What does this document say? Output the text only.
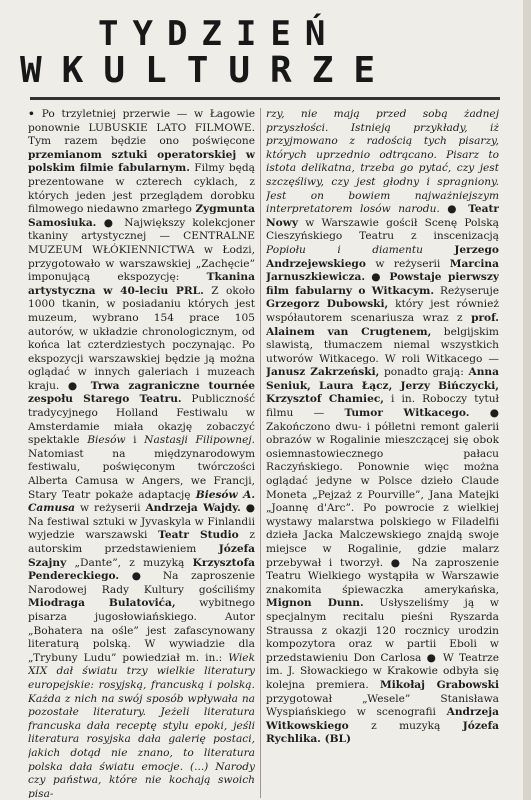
TYDZIEŃ
WKULTURZE

• Po trzyletniej przerwie — w Łagowie ponownie LUBUSKIE LATO FILMOWE. Tym razem będzie ono poświęcone przemianom sztuki operatorskiej w polskim filmie fabularnym. Filmy będą prezentowane w czterech cyklach, z których jeden jest przeglądem dorobku filmowego niedawno zmarłego Zygmunta Samosiuka. ● Największy kolekcjoner tkaniny artystycznej — CENTRALNE MUZEUM WŁÓKIENNICTWA w Łodzi, przygotowało w warszawskiej „Zachęcie” imponującą ekspozycję: Tkanina artystyczna w 40-leciu PRL. Z około 1000 tkanin, w posiadaniu których jest muzeum, wybrano 154 prace 105 autorów, w układzie chronologicznym, od końca lat czterdziestych poczynając. Po ekspozycji warszawskiej będzie ją można oglądać w innych galeriach i muzeach kraju. ● Trwa zagraniczne tournée zespołu Starego Teatru. Publiczność tradycyjnego Holland Festiwalu w Amsterdamie miała okazję zobaczyć spektakle Biesów i Nastasji Filipownej. Natomiast na międzynarodowym festiwalu, poświęconym twórczości Alberta Camusa w Angers, we Francji, Stary Teatr pokaże adaptację Biesów A. Camusa w reżyserii Andrzeja Wajdy. ● Na festiwal sztuki w Jyvaskyla w Finlandii wyjedzie warszawski Teatr Studio z autorskim przedstawieniem Józefa Szajny „Dante”, z muzyką Krzysztofa Pendereckiego. ● Na zaproszenie Narodowej Rady Kultury gościliśmy Miodraga Bulatovića, wybitnego pisarza jugosłowiańskiego. Autor „Bohatera na ośle” jest zafascynowany literaturą polską. W wywiadzie dla „Trybuny Ludu” powiedział m. in.: Wiek XIX dał światu trzy wielkie literatury europejskie: rosyjską, francuską i polską. Każda z nich na swój sposób wpływała na pozostałe literatury. Jeżeli literatura francuska dała receptę stylu epoki, jeśli literatura rosyjska dała galerię postaci, jakich dotąd nie znano, to literatura polska dała światu emocje. (...) Narody czy państwa, które nie kochają swoich pisa-

rzy, nie mają przed sobą żadnej przyszłości. Istnieją przykłady, iż przyjmowano z radością tych pisarzy, których uprzednio odtrącano. Pisarz to istota delikatna, trzeba go pytać, czy jest szczęśliwy, czy jest głodny i spragniony. Jest on bowiem najważniejszym interpretatorem losów narodu. ● Teatr Nowy w Warszawie gościł Scenę Polską Cieszyńskiego Teatru z inscenizacją Popiołu i diamentu	Jerzego Andrzejewskiego w reżyserii Marcina Jarnuszkiewicza. ● Powstaje pierwszy film fabularny o Witkacym. Reżyseruje Grzegorz Dubowski, który jest również współautorem scenariusza wraz z prof. Alainem van Crugtenem, belgijskim slawistą, tłumaczem niemal wszystkich utworów Witkacego. W roli Witkacego — Janusz Zakrzeński, ponadto grają: Anna Seniuk, Laura Łącz, Jerzy Bińczycki, Krzysztof Chamiec, i in. Roboczy tytuł filmu — Tumor Witkacego. ● Zakończono dwu- i półletni remont galerii obrazów w Rogalinie mieszczącej się obok osiemnastowiecznego pałacu Raczyńskiego. Ponownie więc można oglądać jedyne w Polsce dzieło Claude Moneta „Pejzaż z Pourville”, Jana Matejki „Joannę d'Arc”. Po powrocie z wielkiej wystawy malarstwa polskiego w Filadelfii dzieła Jacka Malczewskiego znajdą swoje miejsce w Rogalinie, gdzie malarz przebywał i tworzył. ● Na zaproszenie Teatru Wielkiego wystąpiła w Warszawie znakomita śpiewaczka amerykańska, Mignon Dunn. Usłyszeliśmy ją w specjalnym recitalu pieśni Ryszarda Straussa z okazji 120 rocznicy urodzin kompozytora oraz w partii Eboli w przedstawieniu Don Carlosa ● W Teatrze im. J. Słowackiego w Krakowie odbyła się kolejna premiera. Mikołaj Grabowski przygotował „Wesele” Stanisława Wyspiańskiego w scenografii Andrzeja Witkowskiego z muzyką Józefa Rychlika. (BL)
